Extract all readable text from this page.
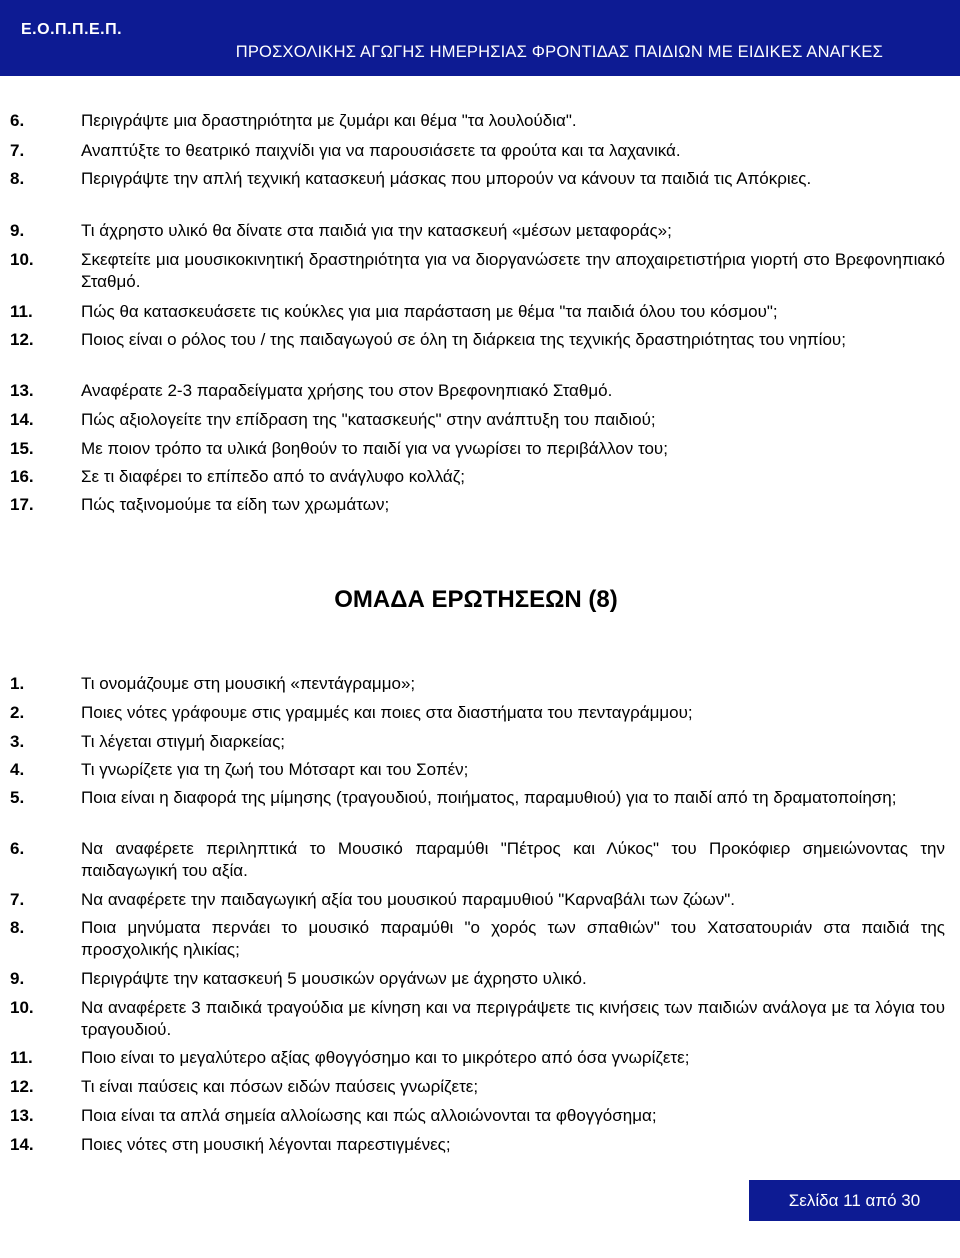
Ε.Ο.Π.Π.Ε.Π.
ΠΡΟΣΧΟΛΙΚΗΣ ΑΓΩΓΗΣ ΗΜΕΡΗΣΙΑΣ ΦΡΟΝΤΙΔΑΣ ΠΑΙΔΙΩΝ ΜΕ ΕΙΔΙΚΕΣ ΑΝΑΓΚΕΣ
6.	Περιγράψτε μια δραστηριότητα με ζυμάρι και θέμα "τα λουλούδια".
7.	Αναπτύξτε το θεατρικό παιχνίδι για να παρουσιάσετε τα φρούτα και τα λαχανικά.
8.	Περιγράψτε την απλή τεχνική κατασκευή μάσκας που μπορούν να κάνουν τα παιδιά τις Απόκριες.
9.	Τι άχρηστο υλικό θα δίνατε στα παιδιά για την κατασκευή «μέσων μεταφοράς»;
10.	Σκεφτείτε μια μουσικοκινητική δραστηριότητα για να διοργανώσετε την αποχαιρετιστήρια γιορτή στο Βρεφονηπιακό Σταθμό.
11.	Πώς θα κατασκευάσετε τις κούκλες για μια παράσταση με θέμα "τα παιδιά όλου του κόσμου";
12.	Ποιος είναι ο ρόλος του / της παιδαγωγού σε όλη τη διάρκεια της τεχνικής δραστηριότητας του νηπίου;
13.	Αναφέρατε 2-3 παραδείγματα χρήσης του στον Βρεφονηπιακό Σταθμό.
14.	Πώς αξιολογείτε την επίδραση της "κατασκευής" στην ανάπτυξη του παιδιού;
15.	Με ποιον τρόπο τα υλικά βοηθούν το παιδί για να γνωρίσει το περιβάλλον του;
16.	Σε τι διαφέρει το επίπεδο από το ανάγλυφο κολλάζ;
17.	Πώς ταξινομούμε τα είδη των χρωμάτων;
ΟΜΑΔΑ ΕΡΩΤΗΣΕΩΝ (8)
1.	Τι ονομάζουμε στη μουσική «πεντάγραμμο»;
2.	Ποιες νότες γράφουμε στις γραμμές και ποιες στα διαστήματα του πενταγράμμου;
3.	Τι λέγεται στιγμή διαρκείας;
4.	Τι γνωρίζετε για τη ζωή του Μότσαρτ και του Σοπέν;
5.	Ποια είναι η διαφορά της μίμησης (τραγουδιού, ποιήματος, παραμυθιού) για το παιδί από τη δραματοποίηση;
6.	Να αναφέρετε περιληπτικά το Μουσικό παραμύθι "Πέτρος και Λύκος" του Προκόφιερ σημειώνοντας την παιδαγωγική του αξία.
7.	Να αναφέρετε την παιδαγωγική αξία του μουσικού παραμυθιού "Καρναβάλι των ζώων".
8.	Ποια μηνύματα περνάει το μουσικό παραμύθι "ο χορός των σπαθιών" του Χατσατουριάν στα παιδιά της προσχολικής ηλικίας;
9.	Περιγράψτε την κατασκευή 5 μουσικών οργάνων με άχρηστο υλικό.
10.	Να αναφέρετε 3 παιδικά τραγούδια με κίνηση και να περιγράψετε τις κινήσεις των παιδιών ανάλογα με τα λόγια του τραγουδιού.
11.	Ποιο είναι το μεγαλύτερο αξίας φθογγόσημο και το μικρότερο από όσα γνωρίζετε;
12.	Τι είναι παύσεις και πόσων ειδών παύσεις γνωρίζετε;
13.	Ποια είναι τα απλά σημεία αλλοίωσης και πώς αλλοιώνονται τα φθογγόσημα;
14.	Ποιες νότες στη μουσική λέγονται παρεστιγμένες;
Σελίδα 11 από 30
